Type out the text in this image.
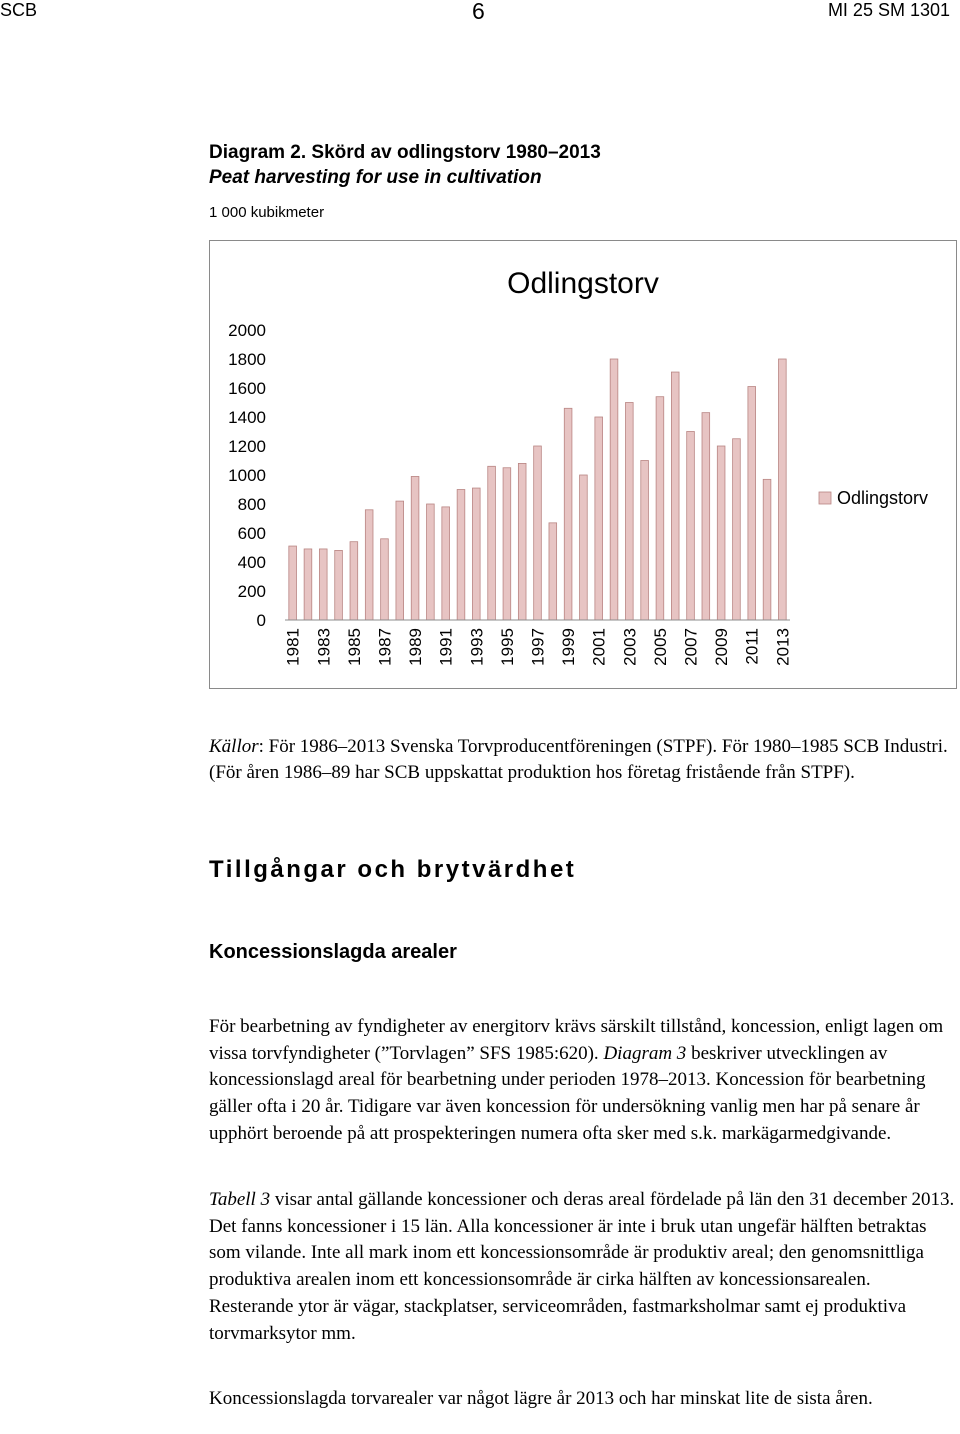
SCB	6	MI 25 SM 1301
Diagram 2. Skörd av odlingstorv 1980–2013
Peat harvesting for use in cultivation
1 000 kubikmeter
Odlingstorv
0
200
400
600
800
1000
1200
1400
1600
1800
2000
1981 1983 1985 1987 1989 1991 1993 1995 1997 1999 2001 2003 2005 2007 2009 2011 2013
Odlingstorv
Källor: För 1986–2013 Svenska Torvproducentföreningen (STPF). För 1980–1985 SCB Industri. (För åren 1986–89 har SCB uppskattat produktion hos företag fristående från STPF).
Tillgångar och brytvärdhet
Koncessionslagda arealer
För bearbetning av fyndigheter av energitorv krävs särskilt tillstånd, koncession, enligt lagen om vissa torvfyndigheter (”Torvlagen” SFS 1985:620). Diagram 3 beskriver utvecklingen av koncessionslagd areal för bearbetning under perioden 1978–2013. Koncession för bearbetning gäller ofta i 20 år. Tidigare var även koncession för undersökning vanlig men har på senare år upphört beroende på att prospekteringen numera ofta sker med s.k. markägarmedgivande.
Tabell 3 visar antal gällande koncessioner och deras areal fördelade på län den 31 december 2013. Det fanns koncessioner i 15 län. Alla koncessioner är inte i bruk utan ungefär hälften betraktas som vilande. Inte all mark inom ett koncessionsområde är produktiv areal; den genomsnittliga produktiva arealen inom ett koncessionsområde är cirka hälften av koncessionsarealen. Resterande ytor är vägar, stackplatser, serviceområden, fastmarksholmar samt ej produktiva torvmarksytor mm.
Koncessionslagda torvarealer var något lägre år 2013 och har minskat lite de sista åren.
